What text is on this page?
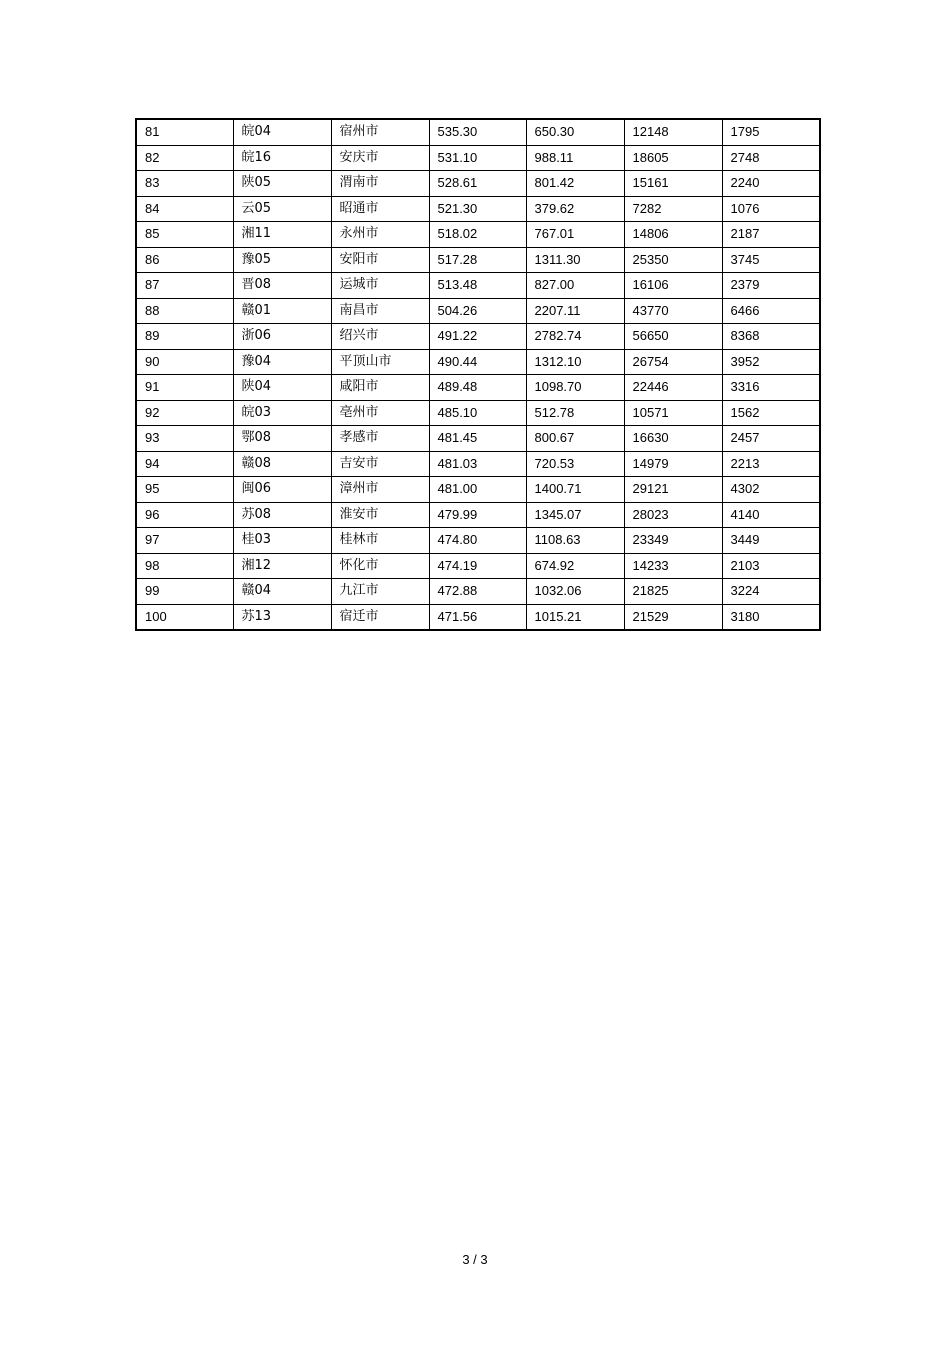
81	皖04	宿州市	535.30	650.30	12148	1795
82	皖16	安庆市	531.10	988.11	18605	2748
83	陕05	渭南市	528.61	801.42	15161	2240
84	云05	昭通市	521.30	379.62	7282	1076
85	湘11	永州市	518.02	767.01	14806	2187
86	豫05	安阳市	517.28	1311.30	25350	3745
87	晋08	运城市	513.48	827.00	16106	2379
88	赣01	南昌市	504.26	2207.11	43770	6466
89	浙06	绍兴市	491.22	2782.74	56650	8368
90	豫04	平顶山市	490.44	1312.10	26754	3952
91	陕04	咸阳市	489.48	1098.70	22446	3316
92	皖03	亳州市	485.10	512.78	10571	1562
93	鄂08	孝感市	481.45	800.67	16630	2457
94	赣08	吉安市	481.03	720.53	14979	2213
95	闽06	漳州市	481.00	1400.71	29121	4302
96	苏08	淮安市	479.99	1345.07	28023	4140
97	桂03	桂林市	474.80	1108.63	23349	3449
98	湘12	怀化市	474.19	674.92	14233	2103
99	赣04	九江市	472.88	1032.06	21825	3224
100	苏13	宿迁市	471.56	1015.21	21529	3180
3 / 3
